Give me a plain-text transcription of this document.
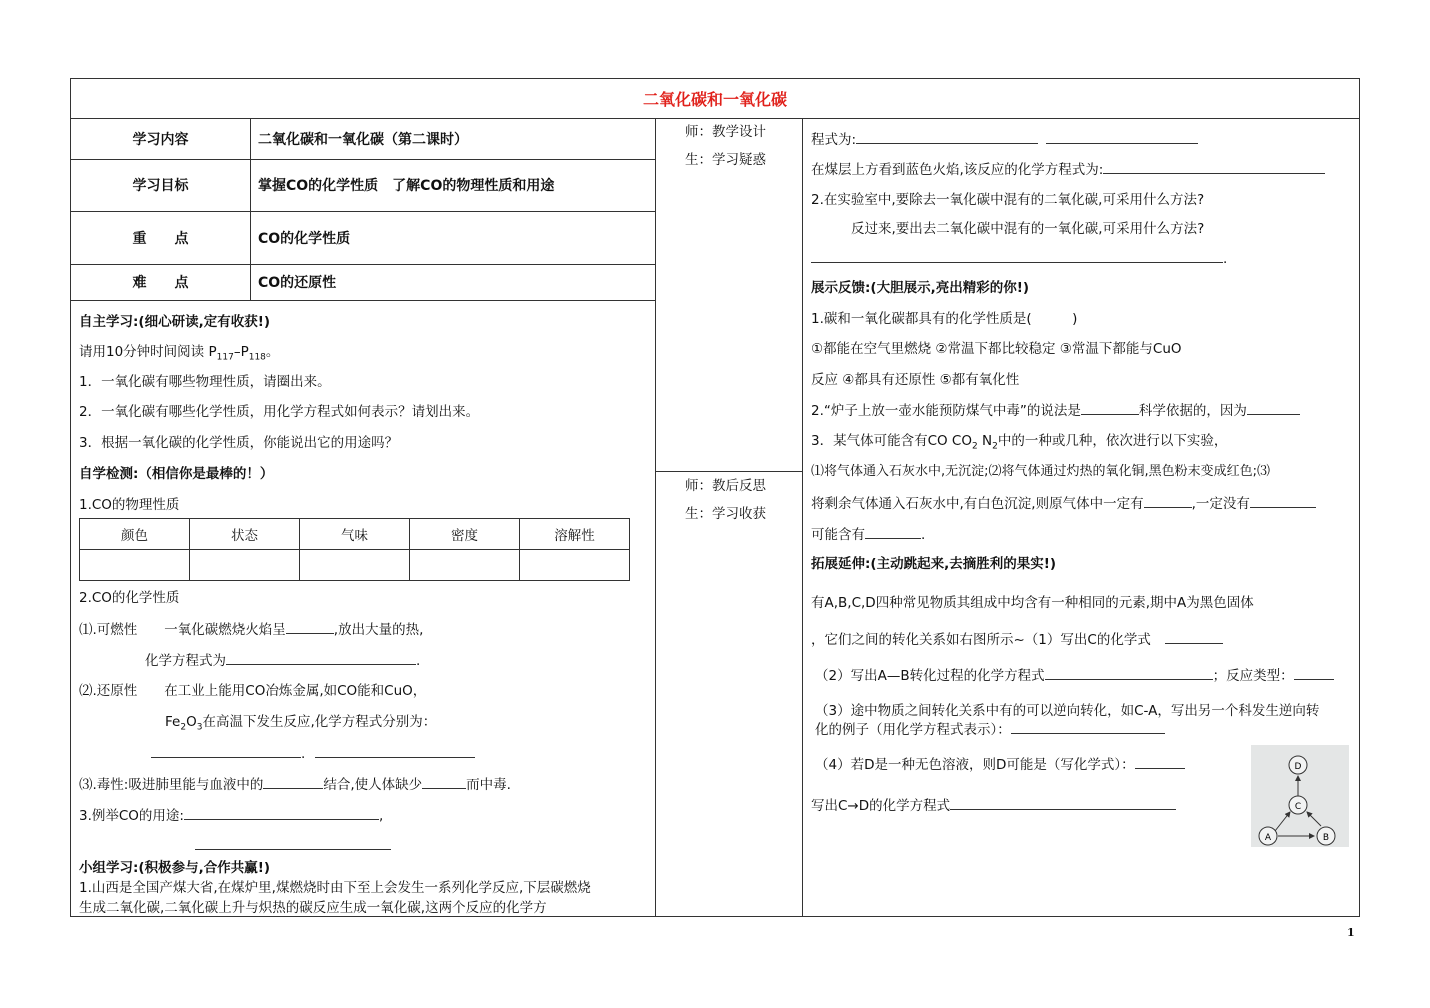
二氧化碳和一氧化碳
学习内容	二氧化碳和一氧化碳（第二课时）
学习目标	掌握CO的化学性质　了解CO的物理性质和用途
重　　点	CO的化学性质
难　　点	CO的还原性
师：教学设计
生：学习疑惑
师：教后反思
生：学习收获
自主学习:(细心研读,定有收获!)
请用10分钟时间阅读 $P_{117}-P_{118}$。
1．一氧化碳有哪些物理性质，请圈出来。
2．一氧化碳有哪些化学性质，用化学方程式如何表示？请划出来。
3．根据一氧化碳的化学性质，你能说出它的用途吗？
自学检测:（相信你是最棒的！）
1.CO的物理性质
颜色	状态	气味	密度	溶解性

2.CO的化学性质
⑴.可燃性　　一氧化碳燃烧火焰呈	,放出大量的热,
化学方程式为	.
⑵.还原性　　在工业上能用CO冶炼金属,如CO能和CuO，
$Fe_2O_3$在高温下发生反应,化学方程式分别为：
.
⑶.毒性:吸进肺里能与血液中的	结合,使人体缺少	而中毒.
3.例举CO的用途:	,
小组学习:(积极参与,合作共赢!)
1.山西是全国产煤大省,在煤炉里,煤燃烧时由下至上会发生一系列化学反应,下层碳燃烧
生成二氧化碳,二氧化碳上升与炽热的碳反应生成一氧化碳,这两个反应的化学方
程式为:
在煤层上方看到蓝色火焰,该反应的化学方程式为:
2.在实验室中,要除去一氧化碳中混有的二氧化碳,可采用什么方法?
反过来,要出去二氧化碳中混有的一氧化碳,可采用什么方法?
.
展示反馈:(大胆展示,亮出精彩的你!)
1.碳和一氧化碳都具有的化学性质是(　　　)
①都能在空气里燃烧 ②常温下都比较稳定 ③常温下都能与CuO
反应 ④都具有还原性 ⑤都有氧化性
2.“炉子上放一壶水能预防煤气中毒”的说法是	科学依据的，因为
3．某气体可能含有CO $CO_2$ $N_2$中的一种或几种，依次进行以下实验，
⑴将气体通入石灰水中,无沉淀;⑵将气体通过灼热的氧化铜,黑色粉末变成红色;⑶
将剩余气体通入石灰水中,有白色沉淀,则原气体中一定有	,一定没有
可能含有	.
拓展延伸:(主动跳起来,去摘胜利的果实!)
有A,B,C,D四种常见物质其组成中均含有一种相同的元素,期中A为黑色固体
，它们之间的转化关系如右图所示~（1）写出C的化学式
（2）写出A—B转化过程的化学方程式	；反应类型：
（3）途中物质之间转化关系中有的可以逆向转化，如C-A，写出另一个科发生逆向转
化的例子（用化学方程式表示）：
（4）若D是一种无色溶液，则D可能是（写化学式）：
写出C→D的化学方程式
D
C
A	B
1
